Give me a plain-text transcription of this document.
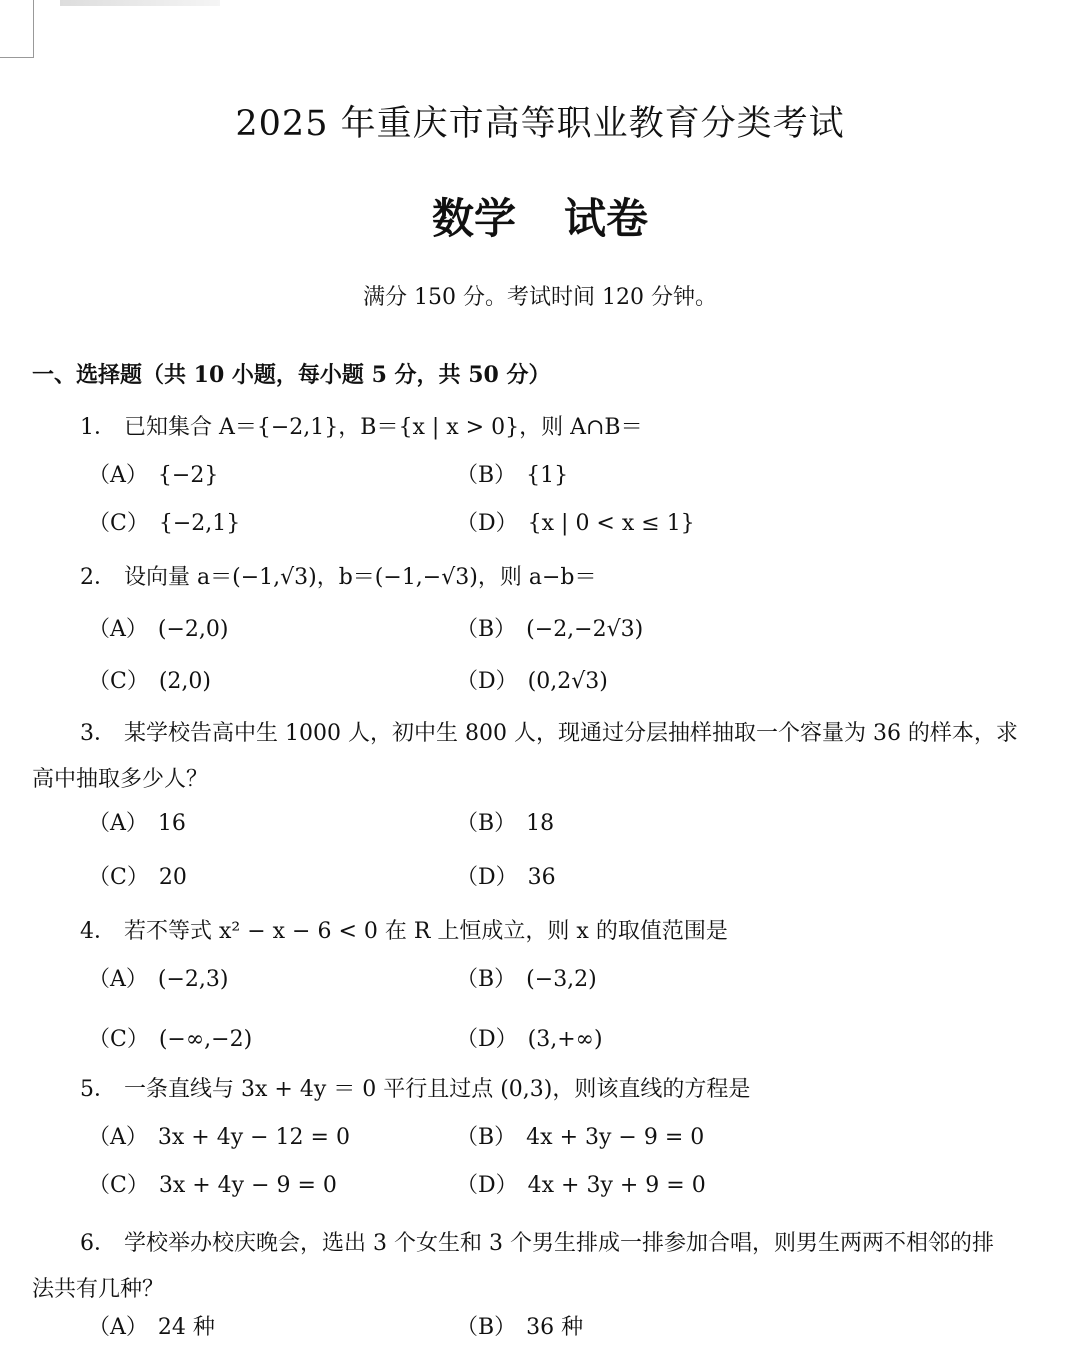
2025 年重庆市高等职业教育分类考试
数学 试卷
满分 150 分。考试时间 120 分钟。
一、选择题（共 10 小题，每小题 5 分，共 50 分）
1． 已知集合 A＝{−2,1}，B＝{x | x > 0}，则 A∩B＝
（A） {−2}	（B） {1}
（C） {−2,1}	（D） {x | 0 < x ≤ 1}
2． 设向量 a＝(−1,√3)，b＝(−1,−√3)，则 a−b＝
（A） (−2,0)	（B） (−2,−2√3)
（C） (2,0)	（D） (0,2√3)
3． 某学校告高中生 1000 人，初中生 800 人，现通过分层抽样抽取一个容量为 36 的样本，求
高中抽取多少人？
（A） 16	（B） 18
（C） 20	（D） 36
4． 若不等式 x² − x − 6 < 0 在 R 上恒成立，则 x 的取值范围是
（A） (−2,3)	（B） (−3,2)
（C） (−∞,−2)	（D） (3,+∞)
5． 一条直线与 3x + 4y ＝ 0 平行且过点 (0,3)，则该直线的方程是
（A） 3x + 4y − 12 = 0	（B） 4x + 3y − 9 = 0
（C） 3x + 4y − 9 = 0	（D） 4x + 3y + 9 = 0
6． 学校举办校庆晚会，选出 3 个女生和 3 个男生排成一排参加合唱，则男生两两不相邻的排
法共有几种？
（A） 24 种	（B） 36 种
